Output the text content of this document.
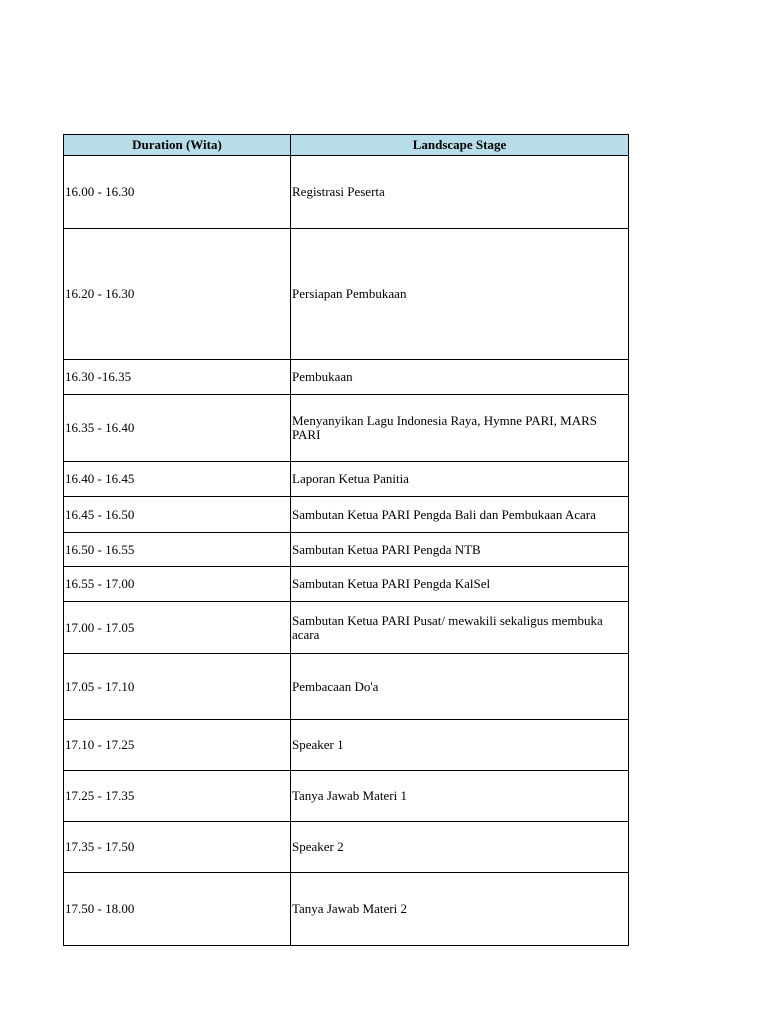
Duration (Wita)	Landscape Stage
16.00 - 16.30	Registrasi Peserta
16.20 - 16.30	Persiapan Pembukaan
16.30 -16.35	Pembukaan
16.35 - 16.40	Menyanyikan Lagu Indonesia Raya, Hymne PARI, MARS PARI
16.40 - 16.45	Laporan Ketua Panitia
16.45 - 16.50	Sambutan Ketua PARI Pengda Bali dan Pembukaan Acara
16.50 - 16.55	Sambutan Ketua PARI Pengda NTB
16.55 - 17.00	Sambutan Ketua PARI Pengda KalSel
17.00 - 17.05	Sambutan Ketua PARI Pusat/ mewakili sekaligus membuka acara
17.05 - 17.10	Pembacaan Do'a
17.10 - 17.25	Speaker 1
17.25 - 17.35	Tanya Jawab Materi 1
17.35 - 17.50	Speaker 2
17.50 - 18.00	Tanya Jawab Materi 2
